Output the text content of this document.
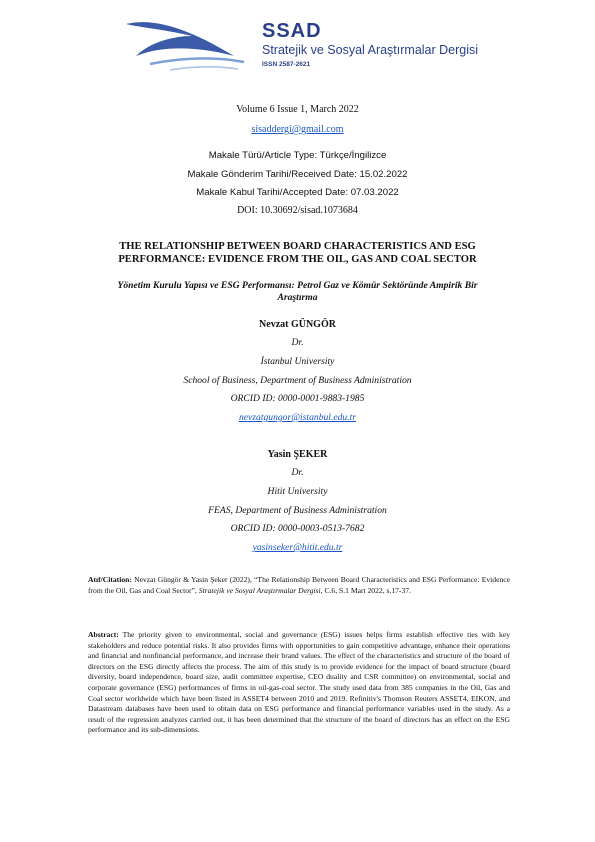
SSAD
Stratejik ve Sosyal Araştırmalar Dergisi
ISSN 2587-2621
Volume 6 Issue 1, March 2022
sisaddergi@gmail.com
Makale Türü/Article Type: Türkçe/İngilizce
Makale Gönderim Tarihi/Received Date: 15.02.2022
Makale Kabul Tarihi/Accepted Date: 07.03.2022
DOI: 10.30692/sisad.1073684
THE RELATIONSHIP BETWEEN BOARD CHARACTERISTICS AND ESG
PERFORMANCE: EVIDENCE FROM THE OIL, GAS AND COAL SECTOR
Yönetim Kurulu Yapısı ve ESG Performansı: Petrol Gaz ve Kömür Sektöründe Ampirik Bir
Araştırma
Nevzat GÜNGÖR
Dr.
İstanbul University
School of Business, Department of Business Administration
ORCID ID: 0000-0001-9883-1985
nevzatgungor@istanbul.edu.tr
Yasin ŞEKER
Dr.
Hitit University
FEAS, Department of Business Administration
ORCID ID: 0000-0003-0513-7682
yasinseker@hitit.edu.tr
Atıf/Citation: Nevzat Güngör & Yasin Şeker (2022), “The Relationship Between Board Characteristics and ESG Performance: Evidence from the Oil, Gas and Coal Sector”, Stratejik ve Sosyal Araştırmalar Dergisi, C.6, S.1 Mart 2022, s.17-37.
Abstract: The priority given to environmental, social and governance (ESG) issues helps firms establish effective ties with key stakeholders and reduce potential risks. It also provides firms with opportunities to gain competitive advantage, enhance their operations and financial and nonfinancial performance, and increase their brand values. The effect of the characteristics and structure of the board of directors on the ESG directly affects the process. The aim of this study is to provide evidence for the impact of board structure (board diversity, board independence, board size, audit committee expertise, CEO duality and CSR committee) on environmental, social and corporate governance (ESG) performances of firms in oil-gas-coal sector. The study used data from 385 companies in the Oil, Gas and Coal sector worldwide which have been listed in ASSET4 between 2010 and 2019. Refinitiv's Thomson Reuters ASSET4, EIKON, and Datastream databases have been used to obtain data on ESG performance and financial performance variables used in the study. As a result of the regression analyzes carried out, it has been determined that the structure of the board of directors has an effect on the ESG performance and its sub-dimensions.
